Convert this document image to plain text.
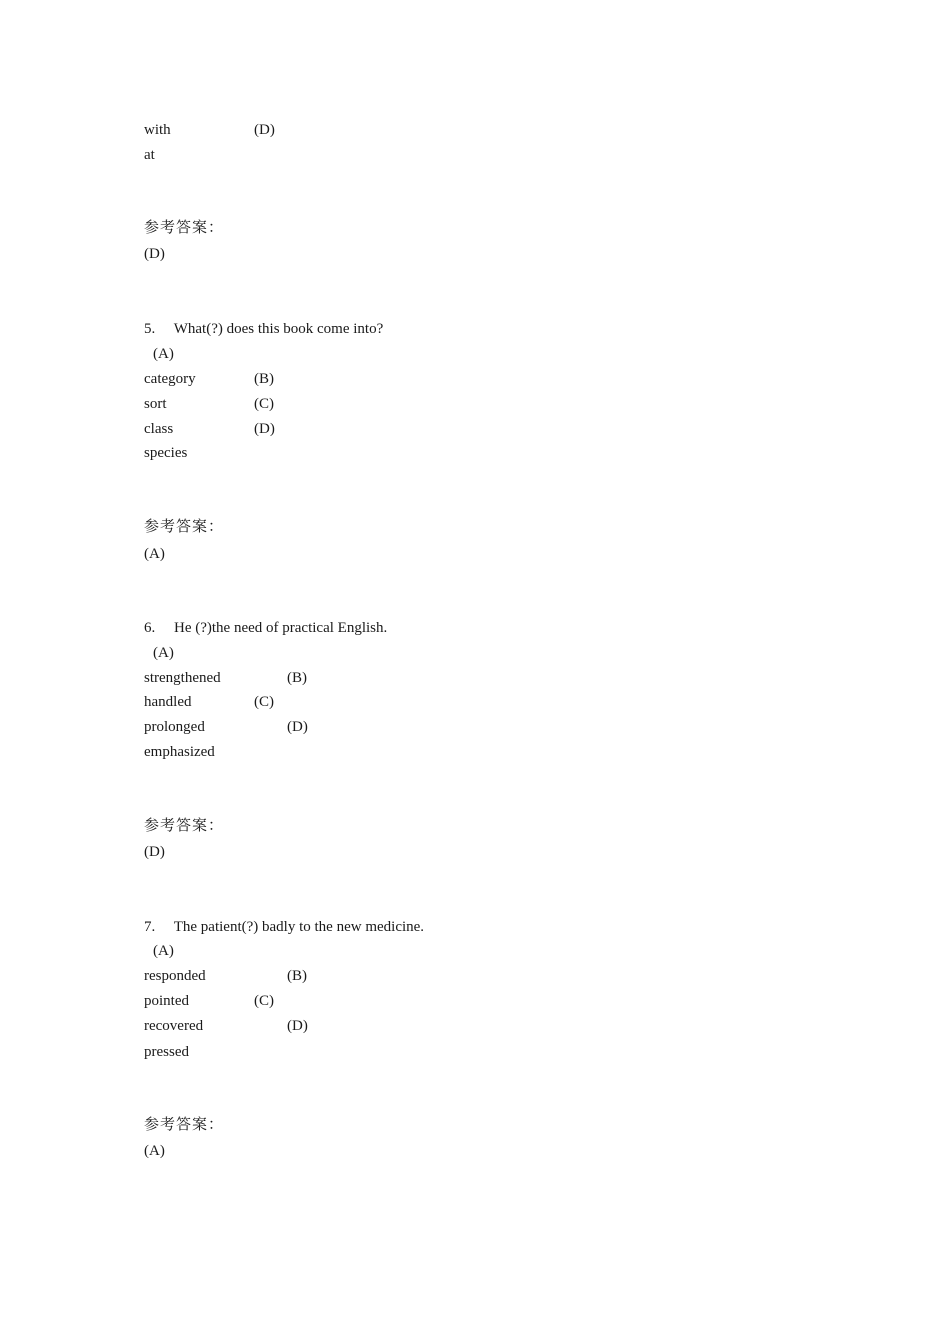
with	(D)
at
参考答案：
(D)
5.     What(?) does this book come into?
(A)
category	(B)
sort	(C)
class	(D)
species
参考答案：
(A)
6.     He (?)the need of practical English.
(A)
strengthened	(B)
handled	(C)
prolonged	(D)
emphasized
参考答案：
(D)
7.     The patient(?) badly to the new medicine.
(A)
responded	(B)
pointed	(C)
recovered	(D)
pressed
参考答案：
(A)
